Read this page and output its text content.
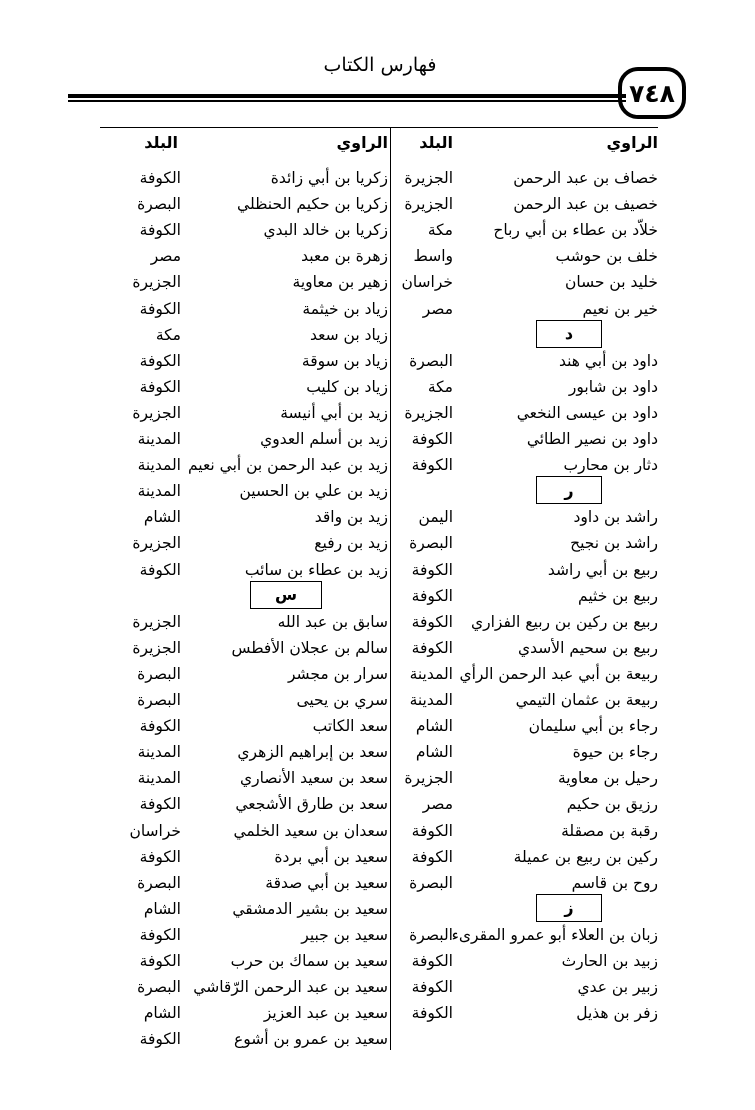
فهارس الكتاب
٧٤٨
الراوي
البلد
الراوي
البلد
خصاف بن عبد الرحمن
الجزيرة
خصيف بن عبد الرحمن
الجزيرة
خلاّد بن عطاء بن أبي رباح
مكة
خلف بن حوشب
واسط
خليد بن حسان
خراسان
خير بن نعيم
مصر
د
داود بن أبي هند
البصرة
داود بن شابور
مكة
داود بن عيسى النخعي
الجزيرة
داود بن نصير الطائي
الكوفة
دثار بن محارب
الكوفة
ر
راشد بن داود
اليمن
راشد بن نجيح
البصرة
ربيع بن أبي راشد
الكوفة
ربيع بن خثيم
الكوفة
ربيع بن ركين بن ربيع الفزاري
الكوفة
ربيع بن سحيم الأسدي
الكوفة
ربيعة بن أبي عبد الرحمن الرأي
المدينة
ربيعة بن عثمان التيمي
المدينة
رجاء بن أبي سليمان
الشام
رجاء بن حيوة
الشام
رحيل بن معاوية
الجزيرة
رزيق بن حكيم
مصر
رقبة بن مصقلة
الكوفة
ركين بن ربيع بن عميلة
الكوفة
روح بن قاسم
البصرة
ز
زبان بن العلاء أبو عمرو المقرىء
البصرة
زبيد بن الحارث
الكوفة
زبير بن عدي
الكوفة
زفر بن هذيل
الكوفة
زكريا بن أبي زائدة
الكوفة
زكريا بن حكيم الحنظلي
البصرة
زكريا بن خالد البدي
الكوفة
زهرة بن معبد
مصر
زهير بن معاوية
الجزيرة
زياد بن خيثمة
الكوفة
زياد بن سعد
مكة
زياد بن سوقة
الكوفة
زياد بن كليب
الكوفة
زيد بن أبي أنيسة
الجزيرة
زيد بن أسلم العدوي
المدينة
زيد بن عبد الرحمن بن أبي نعيم
المدينة
زيد بن علي بن الحسين
المدينة
زيد بن واقد
الشام
زيد بن رفيع
الجزيرة
زيد بن عطاء بن سائب
الكوفة
س
سابق بن عبد الله
الجزيرة
سالم بن عجلان الأفطس
الجزيرة
سرار بن مجشر
البصرة
سري بن يحيى
البصرة
سعد الكاتب
الكوفة
سعد بن إبراهيم الزهري
المدينة
سعد بن سعيد الأنصاري
المدينة
سعد بن طارق الأشجعي
الكوفة
سعدان بن سعيد الخلمي
خراسان
سعيد بن أبي بردة
الكوفة
سعيد بن أبي صدقة
البصرة
سعيد بن بشير الدمشقي
الشام
سعيد بن جبير
الكوفة
سعيد بن سماك بن حرب
الكوفة
سعيد بن عبد الرحمن الرّقاشي
البصرة
سعيد بن عبد العزيز
الشام
سعيد بن عمرو بن أشوع
الكوفة
